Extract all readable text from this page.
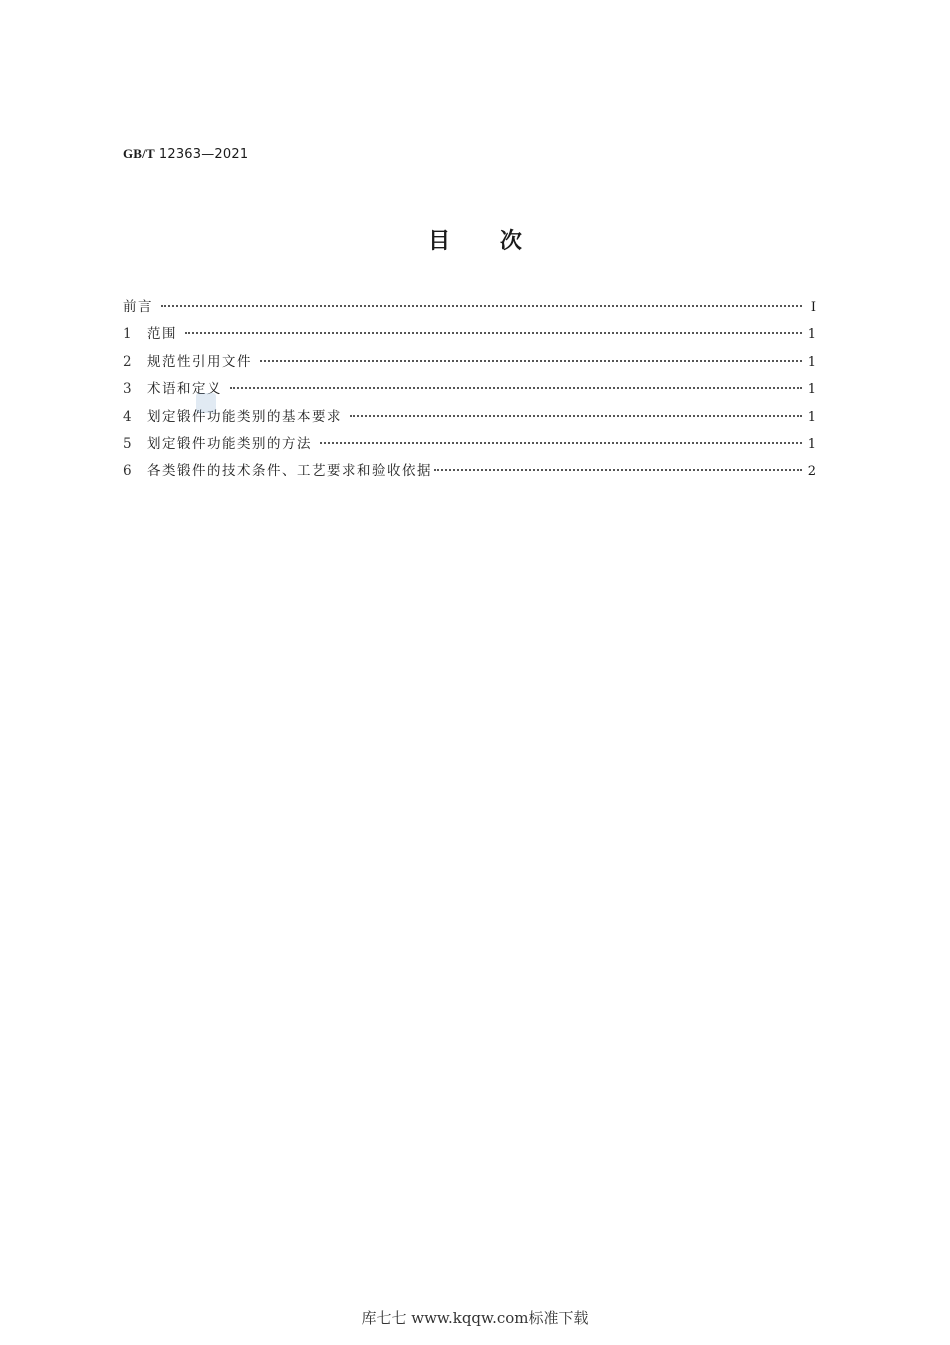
GB/T 12363—2021
目 次
前言	Ⅰ
1	范围	1
2	规范性引用文件	1
3	术语和定义	1
4	划定锻件功能类别的基本要求	1
5	划定锻件功能类别的方法	1
6	各类锻件的技术条件、工艺要求和验收依据	2
库七七 www.kqqw.com标准下载
